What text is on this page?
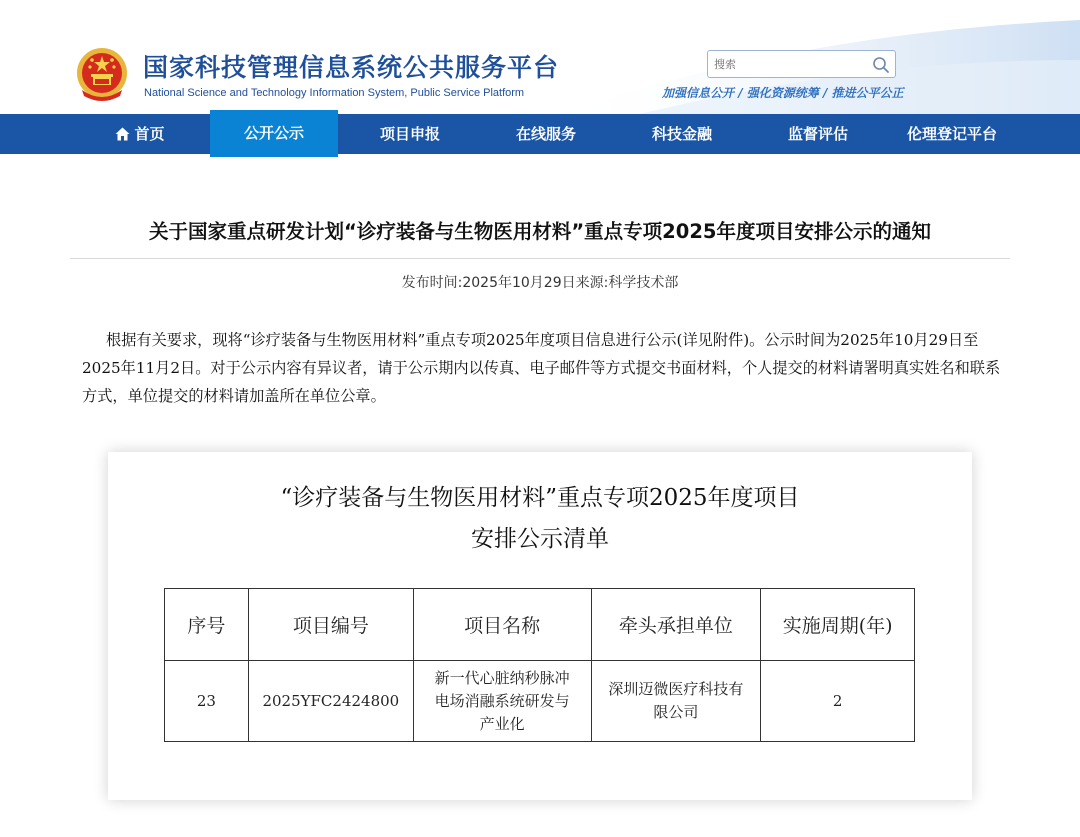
国家科技管理信息系统公共服务平台
National Science and Technology Information System, Public Service Platform
搜索	加强信息公开 / 强化资源统筹 / 推进公平公正
首页	公开公示	项目申报	在线服务	科技金融	监督评估	伦理登记平台
关于国家重点研发计划“诊疗装备与生物医用材料”重点专项2025年度项目安排公示的通知
发布时间:2025年10月29日来源:科学技术部
根据有关要求，现将“诊疗装备与生物医用材料”重点专项2025年度项目信息进行公示(详见附件)。公示时间为2025年10月29日至2025年11月2日。对于公示内容有异议者，请于公示期内以传真、电子邮件等方式提交书面材料，个人提交的材料请署明真实姓名和联系方式，单位提交的材料请加盖所在单位公章。
“诊疗装备与生物医用材料”重点专项2025年度项目
安排公示清单
序号	项目编号	项目名称	牵头承担单位	实施周期(年)
23	2025YFC2424800	新一代心脏纳秒脉冲电场消融系统研发与产业化	深圳迈微医疗科技有限公司	2
